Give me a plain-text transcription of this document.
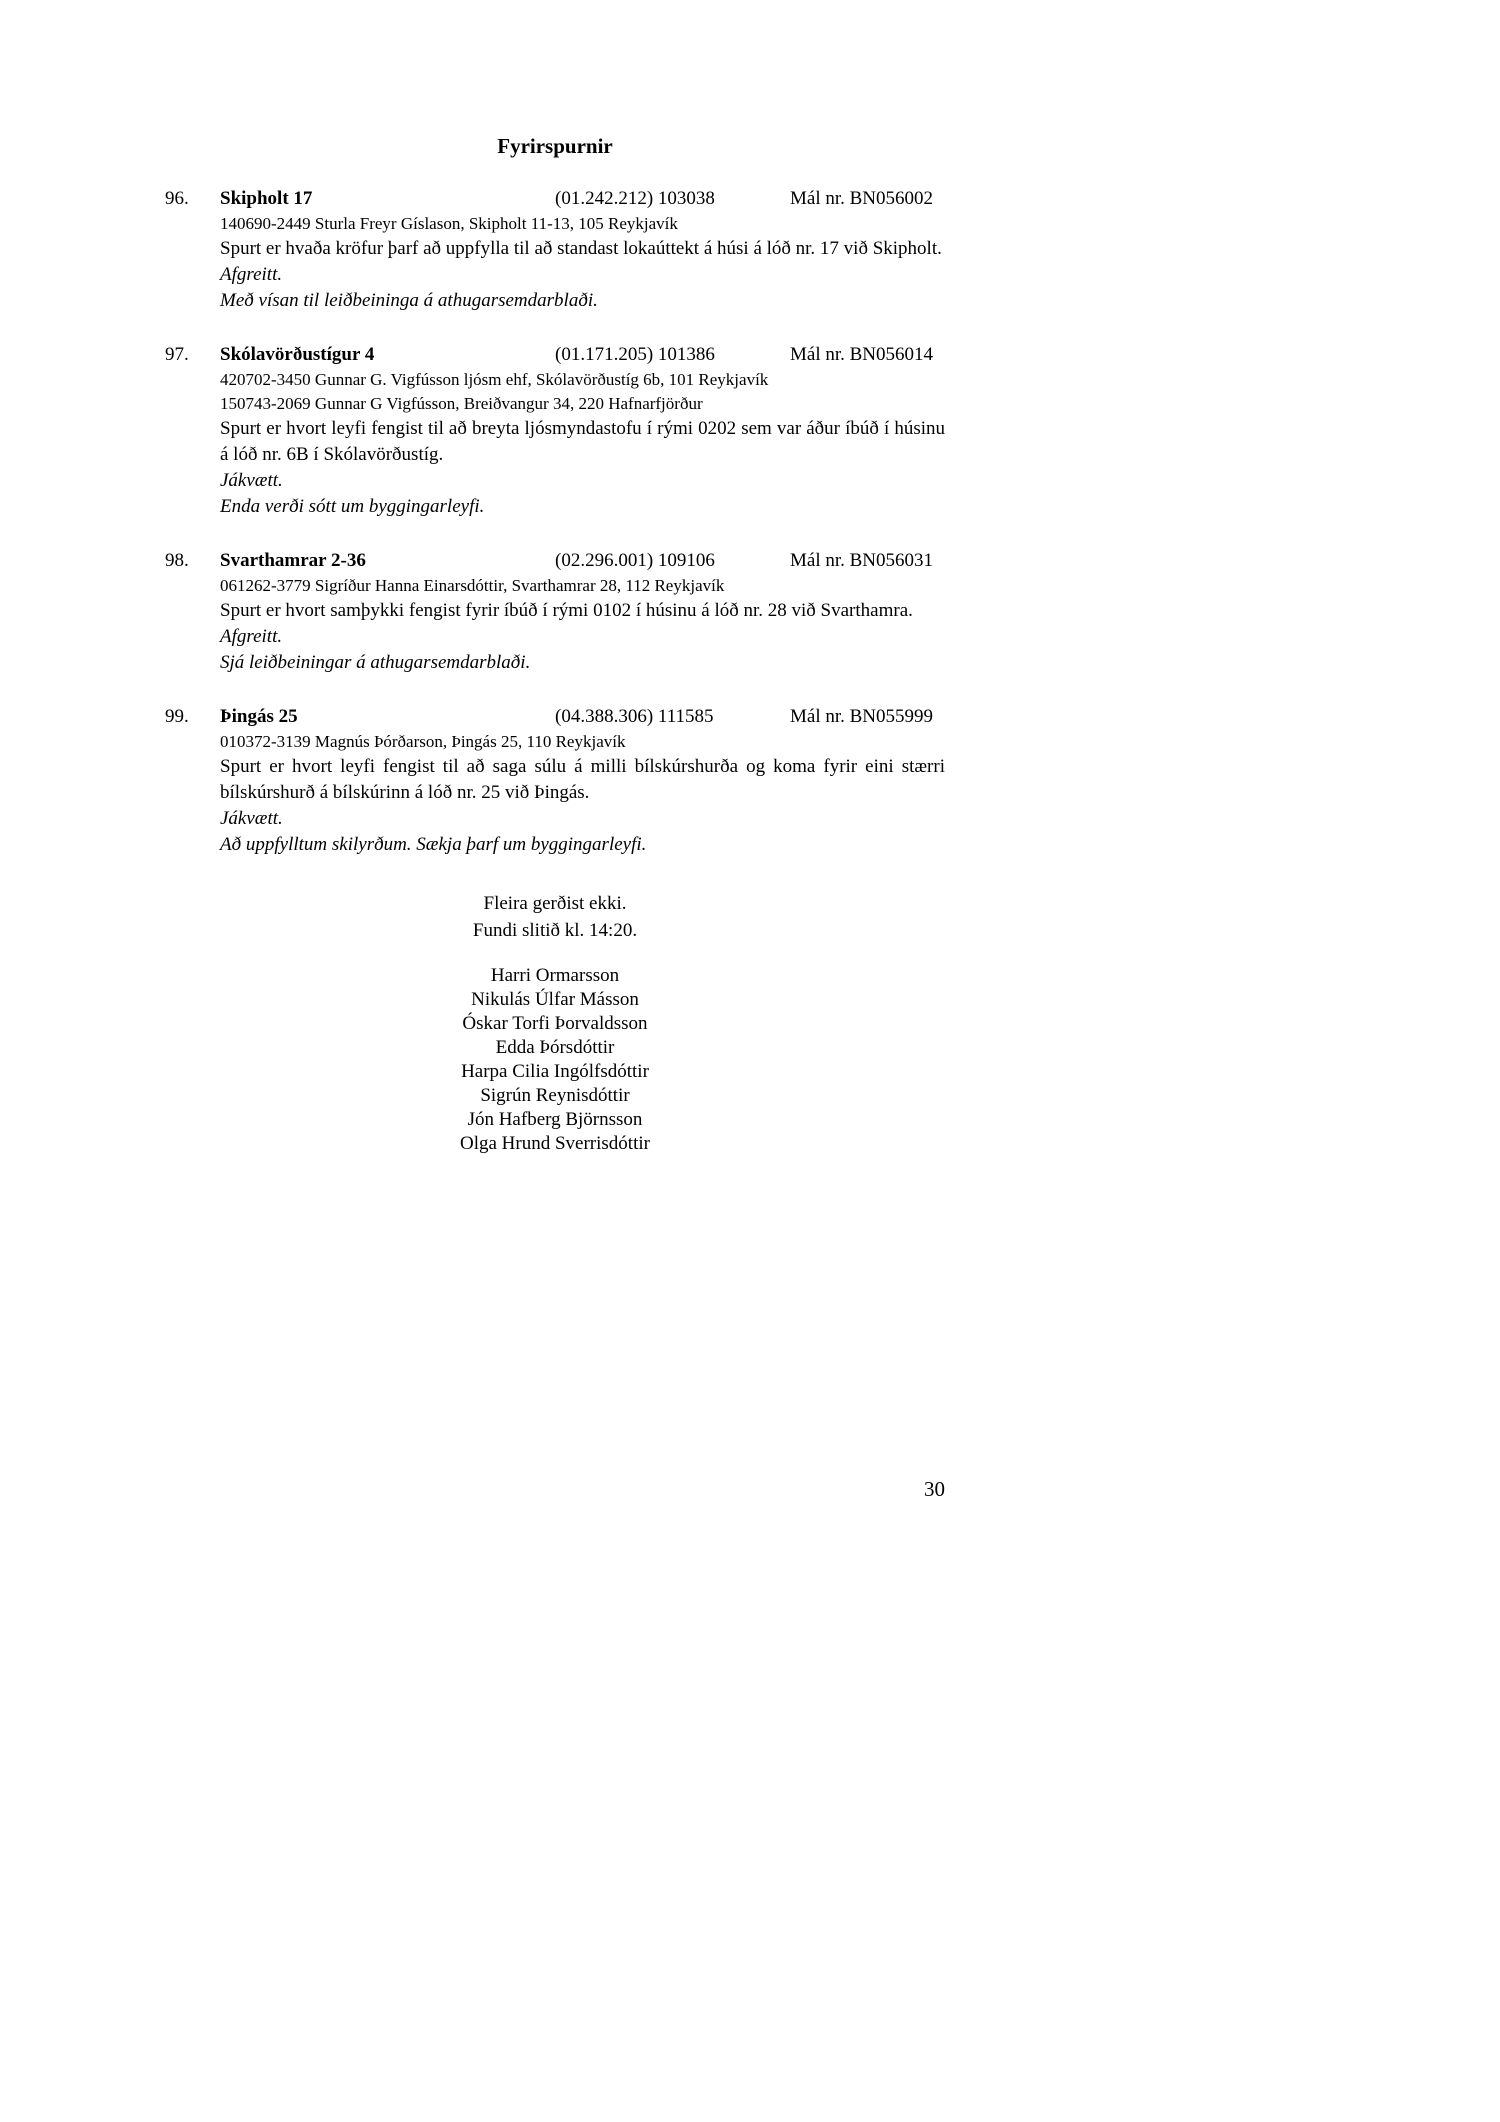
Fyrirspurnir
96.	Skipholt 17	(01.242.212) 103038	Mál nr. BN056002

140690-2449 Sturla Freyr Gíslason, Skipholt 11-13, 105 Reykjavík

Spurt er hvaða kröfur þarf að uppfylla til að standast lokaúttekt á húsi á lóð nr. 17 við Skipholt.

Afgreitt.

Með vísan til leiðbeininga á athugarsemdarblaði.

97.	Skólavörðustígur 4	(01.171.205) 101386	Mál nr. BN056014

420702-3450 Gunnar G. Vigfússon ljósm ehf, Skólavörðustíg 6b, 101 Reykjavík

150743-2069 Gunnar G Vigfússon, Breiðvangur 34, 220 Hafnarfjörður

Spurt er hvort leyfi fengist til að breyta ljósmyndastofu í rými 0202 sem var áður íbúð í húsinu á lóð nr. 6B í Skólavörðustíg.

Jákvætt.

Enda verði sótt um byggingarleyfi.

98.	Svarthamrar 2-36	(02.296.001) 109106	Mál nr. BN056031

061262-3779 Sigríður Hanna Einarsdóttir, Svarthamrar 28, 112 Reykjavík

Spurt er hvort samþykki fengist fyrir íbúð í rými 0102 í húsinu á lóð nr. 28 við Svarthamra.

Afgreitt.

Sjá leiðbeiningar á athugarsemdarblaði.

99.	Þingás 25	(04.388.306) 111585	Mál nr. BN055999

010372-3139 Magnús Þórðarson, Þingás 25, 110 Reykjavík

Spurt er hvort leyfi fengist til að saga súlu á milli bílskúrshurða og koma fyrir eini stærri bílskúrshurð á bílskúrinn á lóð nr. 25 við Þingás.

Jákvætt.

Að uppfylltum skilyrðum. Sækja þarf um byggingarleyfi.

Fleira gerðist ekki.

Fundi slitið kl. 14:20.

Harri Ormarsson

Nikulás Úlfar Másson

Óskar Torfi Þorvaldsson

Edda Þórsdóttir

Harpa Cilia Ingólfsdóttir

Sigrún Reynisdóttir

Jón Hafberg Björnsson

Olga Hrund Sverrisdóttir

30
